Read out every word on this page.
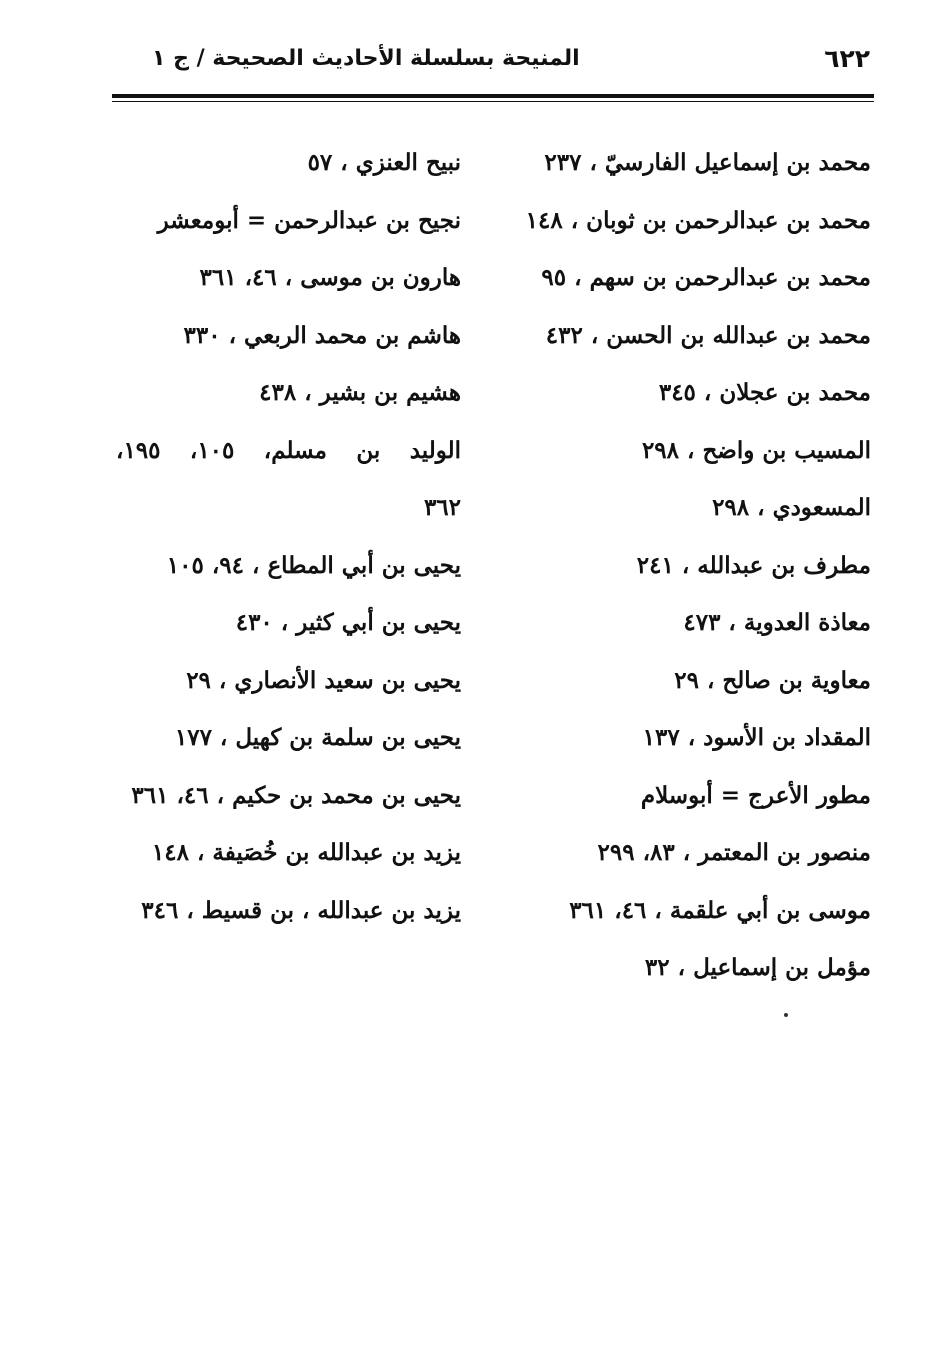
٦٢٢
المنيحة بسلسلة الأحاديث الصحيحة / ج ١
محمد بن إسماعيل الفارسيّ ، ٢٣٧
محمد بن عبدالرحمن بن ثوبان ، ١٤٨
محمد بن عبدالرحمن بن سهم ، ٩٥
محمد بن عبدالله بن الحسن ، ٤٣٢
محمد بن عجلان ، ٣٤٥
المسيب بن واضح ، ٢٩٨
المسعودي ، ٢٩٨
مطرف بن عبدالله ، ٢٤١
معاذة العدوية ، ٤٧٣
معاوية بن صالح ، ٢٩
المقداد بن الأسود ، ١٣٧
مطور الأعرج = أبوسلام
منصور بن المعتمر ، ٨٣، ٢٩٩
موسى بن أبي علقمة ، ٤٦، ٣٦١
مؤمل بن إسماعيل ، ٣٢
نبيح العنزي ، ٥٧
نجيح بن عبدالرحمن = أبومعشر
هارون بن موسى ، ٤٦، ٣٦١
هاشم بن محمد الربعي ، ٣٣٠
هشيم بن بشير ، ٤٣٨
الوليد بن مسلم، ١٠٥، ١٩٥،
٣٦٢
يحيى بن أبي المطاع ، ٩٤، ١٠٥
يحيى بن أبي كثير ، ٤٣٠
يحيى بن سعيد الأنصاري ، ٢٩
يحيى بن سلمة بن كهيل ، ١٧٧
يحيى بن محمد بن حكيم ، ٤٦، ٣٦١
يزيد بن عبدالله بن خُصَيفة ، ١٤٨
يزيد بن عبدالله ، بن قسيط ، ٣٤٦
